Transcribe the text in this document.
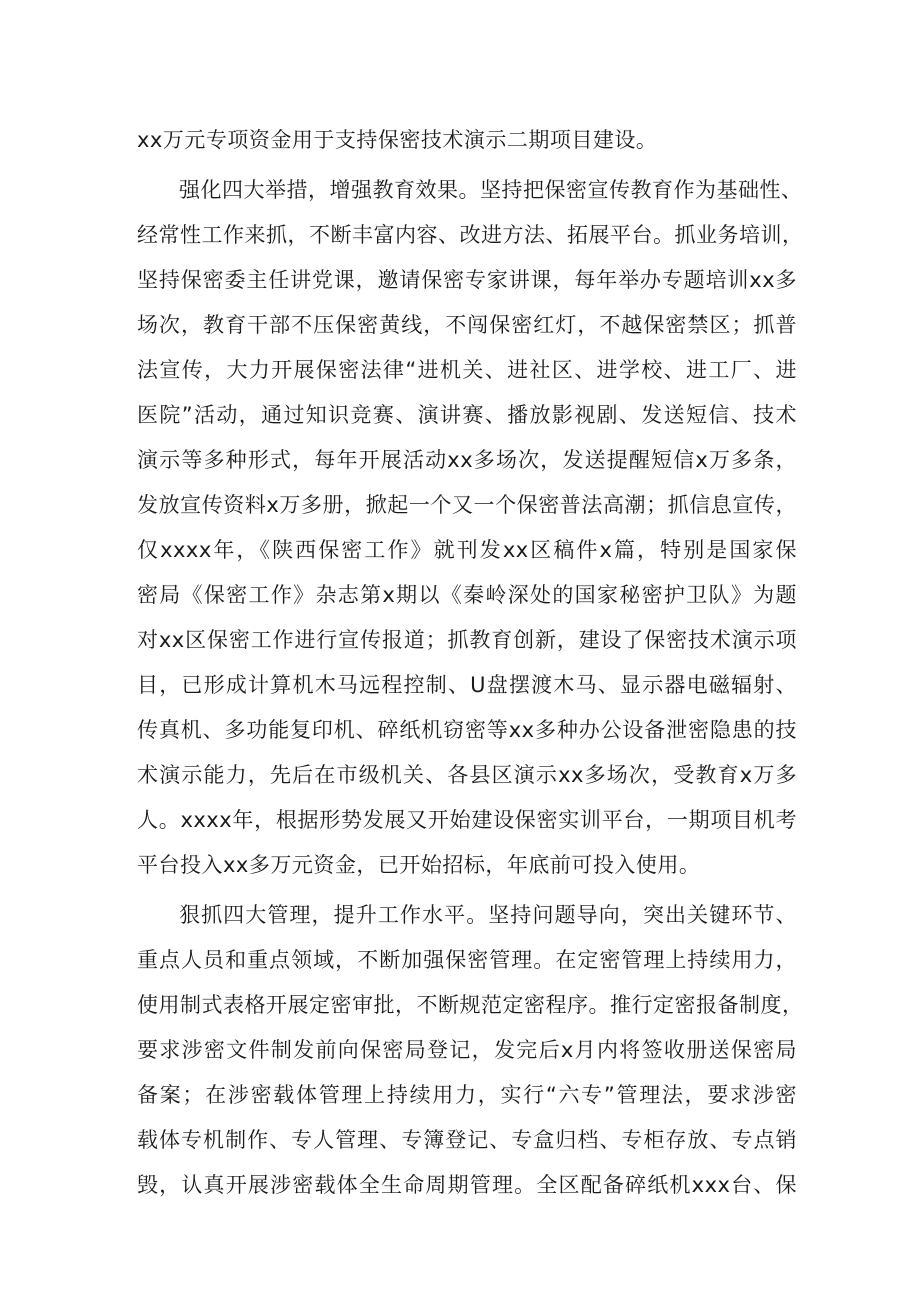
xx万元专项资金用于支持保密技术演示二期项目建设。
强化四大举措，增强教育效果。坚持把保密宣传教育作为基础性、
经常性工作来抓，不断丰富内容、改进方法、拓展平台。抓业务培训，
坚持保密委主任讲党课，邀请保密专家讲课，每年举办专题培训xx多
场次，教育干部不压保密黄线，不闯保密红灯，不越保密禁区；抓普
法宣传，大力开展保密法律“进机关、进社区、进学校、进工厂、进
医院”活动，通过知识竞赛、演讲赛、播放影视剧、发送短信、技术
演示等多种形式，每年开展活动xx多场次，发送提醒短信x万多条，
发放宣传资料x万多册，掀起一个又一个保密普法高潮；抓信息宣传，
仅xxxx年，《陕西保密工作》就刊发xx区稿件x篇，特别是国家保
密局《保密工作》杂志第x期以《秦岭深处的国家秘密护卫队》为题
对xx区保密工作进行宣传报道；抓教育创新，建设了保密技术演示项
目，已形成计算机木马远程控制、U盘摆渡木马、显示器电磁辐射、
传真机、多功能复印机、碎纸机窃密等xx多种办公设备泄密隐患的技
术演示能力，先后在市级机关、各县区演示xx多场次，受教育x万多
人。xxxx年，根据形势发展又开始建设保密实训平台，一期项目机考
平台投入xx多万元资金，已开始招标，年底前可投入使用。
狠抓四大管理，提升工作水平。坚持问题导向，突出关键环节、
重点人员和重点领域，不断加强保密管理。在定密管理上持续用力，
使用制式表格开展定密审批，不断规范定密程序。推行定密报备制度，
要求涉密文件制发前向保密局登记，发完后x月内将签收册送保密局
备案；在涉密载体管理上持续用力，实行“六专”管理法，要求涉密
载体专机制作、专人管理、专簿登记、专盒归档、专柜存放、专点销
毁，认真开展涉密载体全生命周期管理。全区配备碎纸机xxx台、保
